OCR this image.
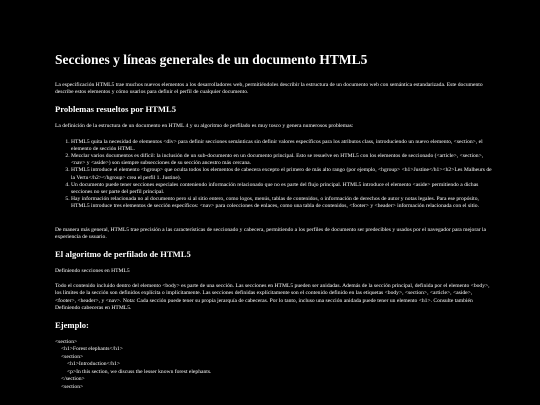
Secciones y líneas generales de un documento HTML5

La especificación HTML5 trae muchos nuevos elementos a los desarrolladores web, permitiéndoles describir la estructura de un documento web con semántica estandarizada. Este documento describe estos elementos y cómo usarlos para definir el perfil de cualquier documento.

Problemas resueltos por HTML5

La definición de la estructura de un documento en HTML 4 y su algoritmo de perfilado es muy tosco y genera numerosos problemas:

1. HTML5 quita la necesidad de elementos <div> para definir secciones semánticas sin definir valores específicos para los atributos class, introduciendo un nuevo elemento, <section>, el elemento de sección HTML.
2. Mezclar varios documentos es difícil: la inclusión de un sub-documento en un documento principal. Esto se resuelve en HTML5 con los elementos de seccionado (<article>, <section>, <nav> y <aside>) son siempre subsecciones de su sección ancestro más cercana.
3. HTML5 introduce el elemento <hgroup> que oculta todos los elementos de cabecera excepto el primero de más alto rango (por ejemplo, <hgroup> <h1>Justine</h1><h2>Les Malheurs de la Vertu</h2></hgroup> crea el perfil 1. Justine).
4. Un documento puede tener secciones especiales conteniendo información relacionado que no es parte del flujo principal. HTML5 introduce el elemento <aside> permitiendo a dichas secciones no ser parte del perfil principal.
5. Hay información relacionada no al documento pero si al sitio entero, como logos, menús, tablas de contenidos, o información de derechos de autor y notas legales. Para ese propósito, HTML5 introduce tres elementos de sección específicos: <nav> para colecciones de enlaces, como una tabla de contenidos, <footer> y <header> información relacionada con el sitio.

De manera más general, HTML5 trae precisión a las características de seccionado y cabecera, permitiendo a los perfiles de documento ser predecibles y usados por el navegador para mejorar la experiencia de usuario.

El algoritmo de perfilado de HTML5

Definiendo secciones en HTML5

Todo el contenido incluido dentro del elemento <body> es parte de una sección. Las secciones en HTML5 pueden ser anidadas. Además de la sección principal, definida por el elemento <body>, los límites de la sección son definidos explícita o implícitamente. Las secciones definidas explícitamente son el contenido definido en las etiquetas <body>, <section>, <article>, <aside>, <footer>, <header>, y <nav>. Nota: Cada sección puede tener su propia jerarquía de cabeceras. Por lo tanto, incluso una sección anidada puede tener un elemento <h1>. Consulte también Definiendo cabeceras en HTML5.

Ejemplo:
<section>
<h1>Forest elephants</h1>
<section>
<h1>Introduction</h1>
<p>In this section, we discuss the lesser known forest elephants.
</section>
<section>
